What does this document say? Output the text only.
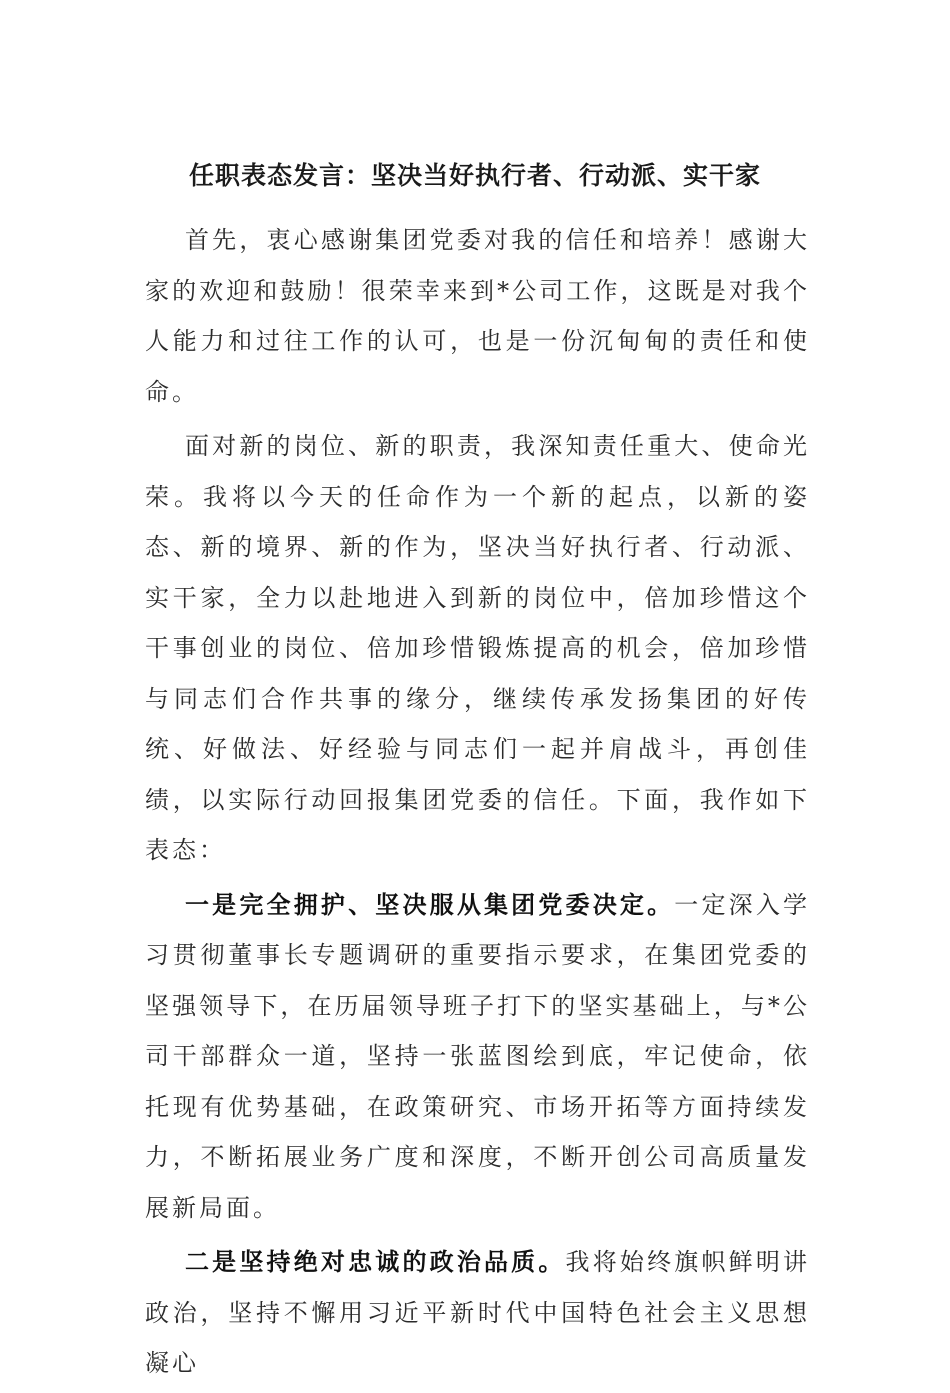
任职表态发言：坚决当好执行者、行动派、实干家

首先，衷心感谢集团党委对我的信任和培养！感谢大家的欢迎和鼓励！很荣幸来到*公司工作，这既是对我个人能力和过往工作的认可，也是一份沉甸甸的责任和使命。

面对新的岗位、新的职责，我深知责任重大、使命光荣。我将以今天的任命作为一个新的起点，以新的姿态、新的境界、新的作为，坚决当好执行者、行动派、实干家，全力以赴地进入到新的岗位中，倍加珍惜这个干事创业的岗位、倍加珍惜锻炼提高的机会，倍加珍惜与同志们合作共事的缘分，继续传承发扬集团的好传统、好做法、好经验与同志们一起并肩战斗，再创佳绩，以实际行动回报集团党委的信任。下面，我作如下表态：

一是完全拥护、坚决服从集团党委决定。一定深入学习贯彻董事长专题调研的重要指示要求，在集团党委的坚强领导下，在历届领导班子打下的坚实基础上，与*公司干部群众一道，坚持一张蓝图绘到底，牢记使命，依托现有优势基础，在政策研究、市场开拓等方面持续发力，不断拓展业务广度和深度，不断开创公司高质量发展新局面。

二是坚持绝对忠诚的政治品质。我将始终旗帜鲜明讲政治，坚持不懈用习近平新时代中国特色社会主义思想凝心
